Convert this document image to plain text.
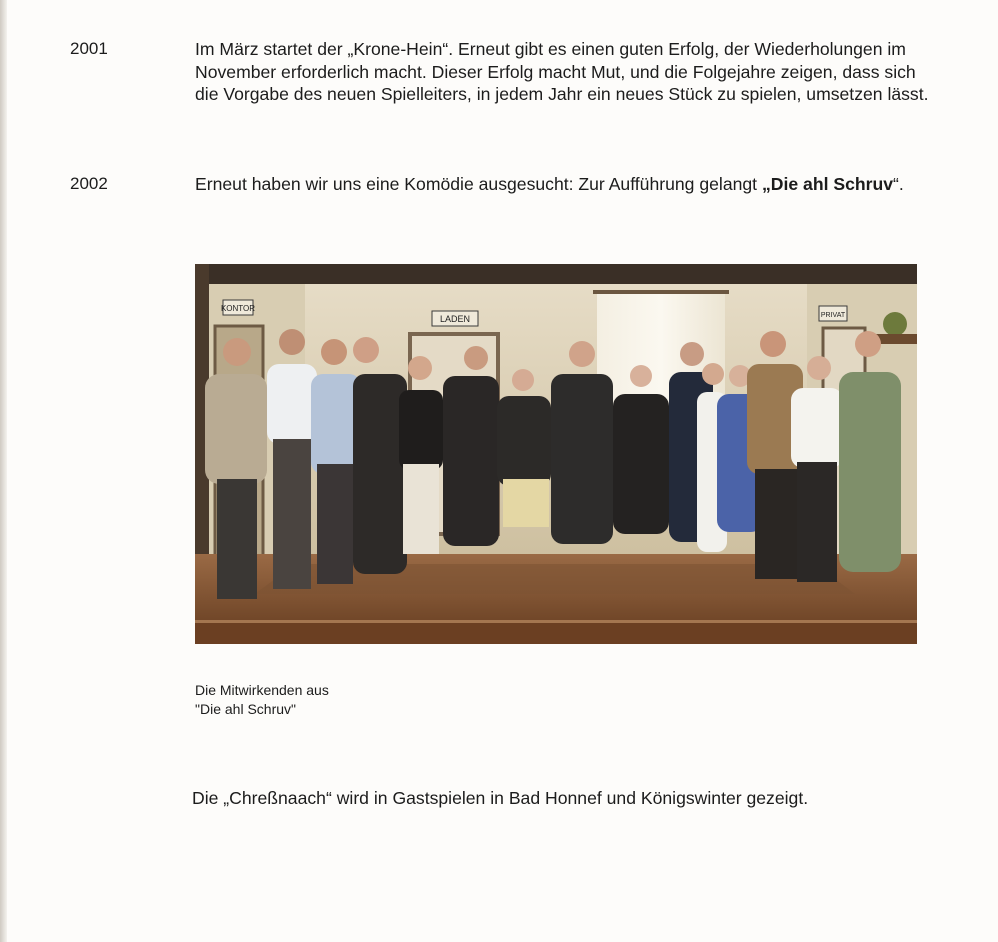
2001	Im März startet der „Krone-Hein“. Erneut gibt es einen guten Erfolg, der Wiederholungen im November erforderlich macht. Dieser Erfolg macht Mut, und die Folgejahre zeigen, dass sich die Vorgabe des neuen Spielleiters, in jedem Jahr ein neues Stück zu spielen, umsetzen lässt.
2002	Erneut haben wir uns eine Komödie ausgesucht: Zur Aufführung gelangt „Die ahl Schruv“.
KONTOR
LADEN	PRIVAT
Die Mitwirkenden aus
"Die ahl Schruv"
Die „Chreßnaach“ wird in Gastspielen in Bad Honnef und Königswinter gezeigt.
